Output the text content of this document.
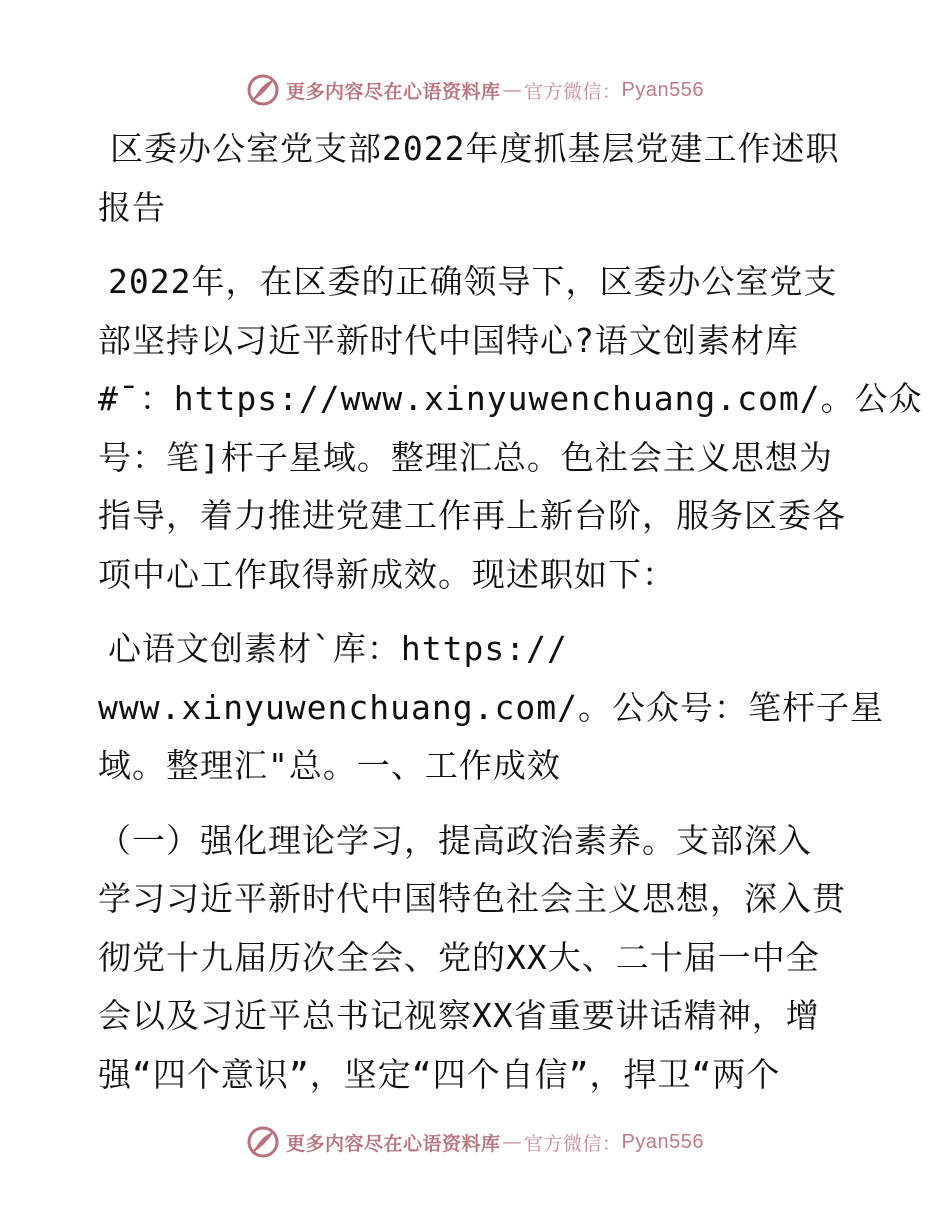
更多内容尽在心语资料库 — 官方微信： Pyan556
区委办公室党支部2022年度抓基层党建工作述职
报告
2022年，在区委的正确领导下，区委办公室党支
部坚持以习近平新时代中国特心?语文创素材库
#¯：https://www.xinyuwenchuang.com/。公众
号：笔]杆子星域。整理汇总。色社会主义思想为
指导，着力推进党建工作再上新台阶，服务区委各
项中心工作取得新成效。现述职如下：
心语文创素材`库：https://
www.xinyuwenchuang.com/。公众号：笔杆子星
域。整理汇"总。一、工作成效
（一）强化理论学习，提高政治素养。支部深入
学习习近平新时代中国特色社会主义思想，深入贯
彻党十九届历次全会、党的XX大、二十届一中全
会以及习近平总书记视察XX省重要讲话精神，增
强“四个意识”，坚定“四个自信”，捍卫“两个
更多内容尽在心语资料库 — 官方微信： Pyan556
